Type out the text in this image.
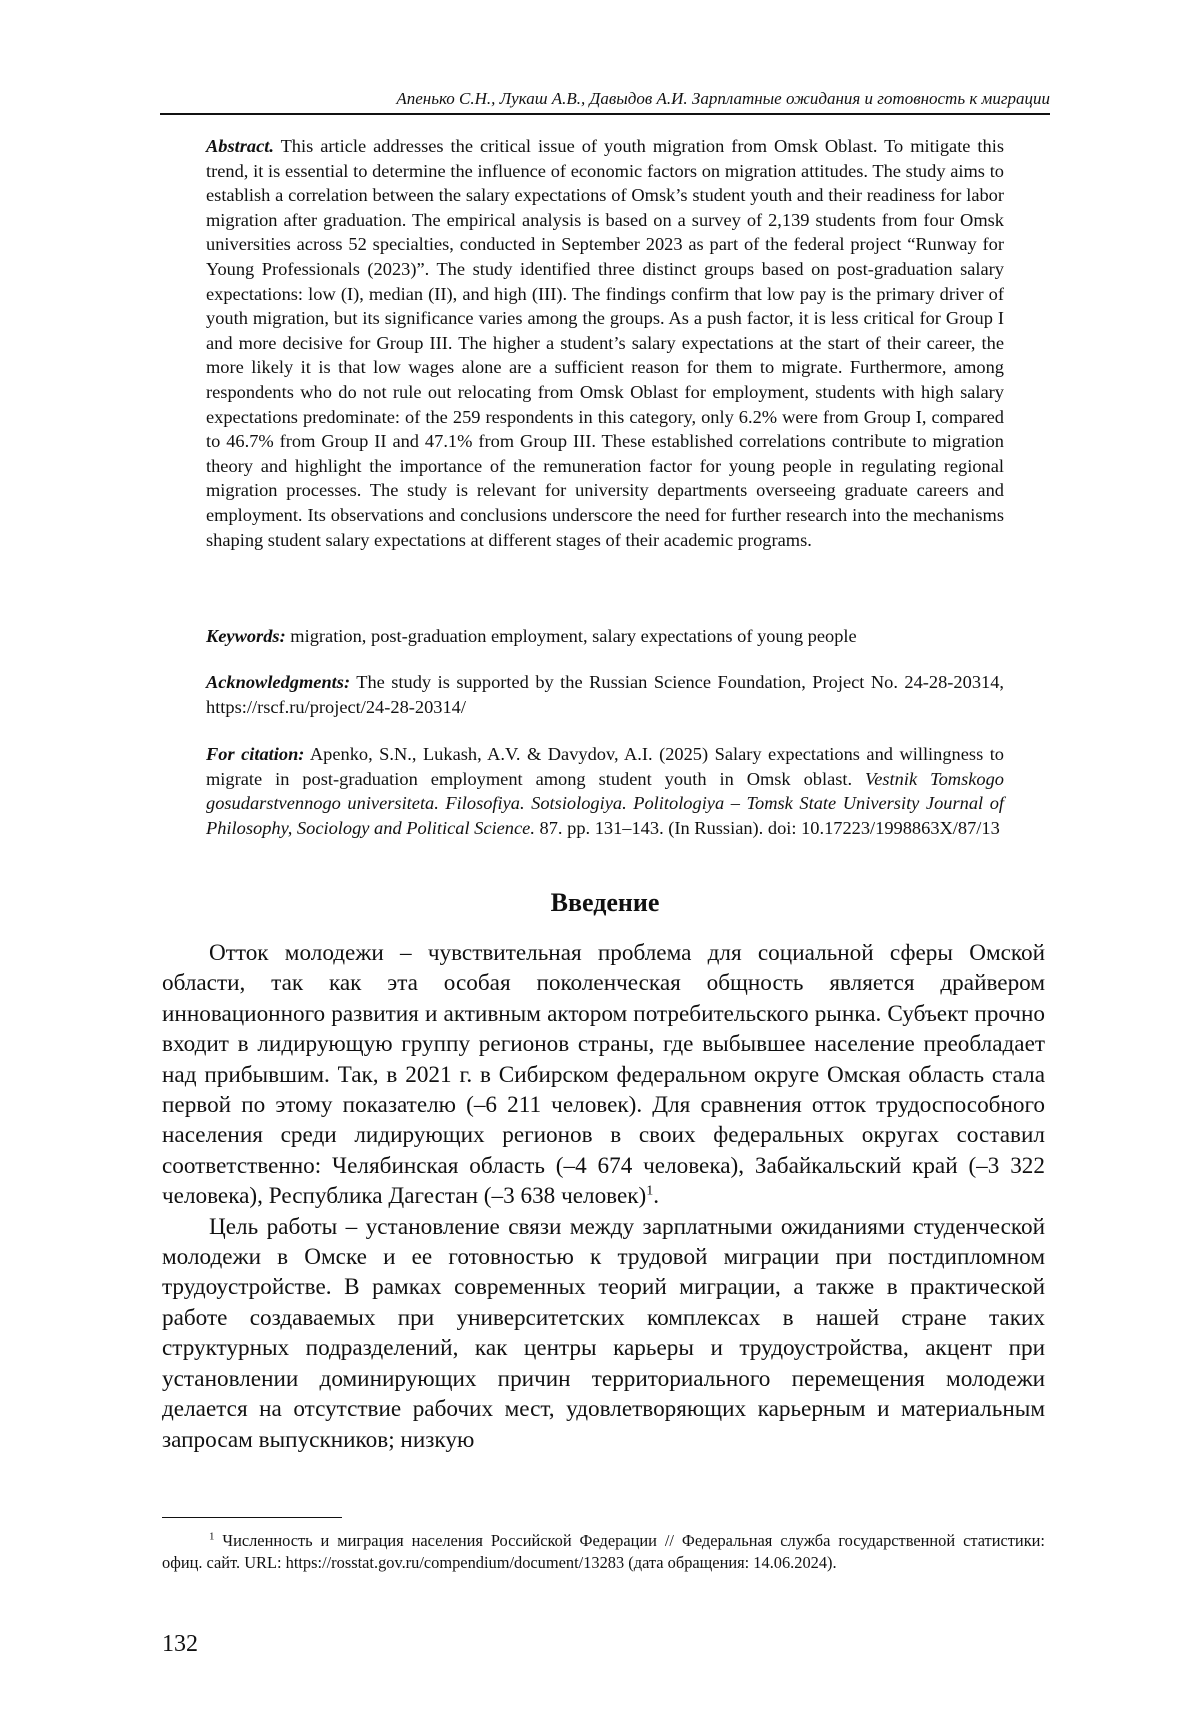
Апенько С.Н., Лукаш А.В., Давыдов А.И. Зарплатные ожидания и готовность к миграции

Abstract. This article addresses the critical issue of youth migration from Omsk Oblast. To mitigate this trend, it is essential to determine the influence of economic factors on migration attitudes. The study aims to establish a correlation between the salary expectations of Omsk’s student youth and their readiness for labor migration after graduation. The empirical analysis is based on a survey of 2,139 students from four Omsk universities across 52 specialties, conducted in September 2023 as part of the federal project “Runway for Young Professionals (2023)”. The study identified three distinct groups based on post-graduation salary expectations: low (I), median (II), and high (III). The findings confirm that low pay is the primary driver of youth migration, but its significance varies among the groups. As a push factor, it is less critical for Group I and more decisive for Group III. The higher a student’s salary expectations at the start of their career, the more likely it is that low wages alone are a sufficient reason for them to migrate. Furthermore, among respondents who do not rule out relocating from Omsk Oblast for employment, students with high salary expectations predominate: of the 259 respondents in this category, only 6.2% were from Group I, compared to 46.7% from Group II and 47.1% from Group III. These established correlations contribute to migration theory and highlight the importance of the remuneration factor for young people in regulating regional migration processes. The study is relevant for university departments overseeing graduate careers and employment. Its observations and conclusions underscore the need for further research into the mechanisms shaping student salary expectations at different stages of their academic programs.

Keywords: migration, post-graduation employment, salary expectations of young people

Acknowledgments: The study is supported by the Russian Science Foundation, Project No. 24-28-20314, https://rscf.ru/project/24-28-20314/

For citation: Apenko, S.N., Lukash, A.V. & Davydov, A.I. (2025) Salary expectations and willingness to migrate in post-graduation employment among student youth in Omsk oblast. Vestnik Tomskogo gosudarstvennogo universiteta. Filosofiya. Sotsiologiya. Politologiya – Tomsk State University Journal of Philosophy, Sociology and Political Science. 87. pp. 131–143. (In Russian). doi: 10.17223/1998863X/87/13

Введение

Отток молодежи – чувствительная проблема для социальной сферы Омской области, так как эта особая поколенческая общность является драйвером инновационного развития и активным актором потребительского рынка. Субъект прочно входит в лидирующую группу регионов страны, где выбывшее население преобладает над прибывшим. Так, в 2021 г. в Сибирском федеральном округе Омская область стала первой по этому показателю (–6 211 человек). Для сравнения отток трудоспособного населения среди лидирующих регионов в своих федеральных округах составил соответственно: Челябинская область (–4 674 человека), Забайкальский край (–3 322 человека), Республика Дагестан (–3 638 человек)$^1$.

Цель работы – установление связи между зарплатными ожиданиями студенческой молодежи в Омске и ее готовностью к трудовой миграции при постдипломном трудоустройстве. В рамках современных теорий миграции, а также в практической работе создаваемых при университетских комплексах в нашей стране таких структурных подразделений, как центры карьеры и трудоустройства, акцент при установлении доминирующих причин территориального перемещения молодежи делается на отсутствие рабочих мест, удовлетворяющих карьерным и материальным запросам выпускников; низкую

$^1$ Численность и миграция населения Российской Федерации // Федеральная служба государственной статистики: офиц. сайт. URL: https://rosstat.gov.ru/compendium/document/13283 (дата обращения: 14.06.2024).

132
